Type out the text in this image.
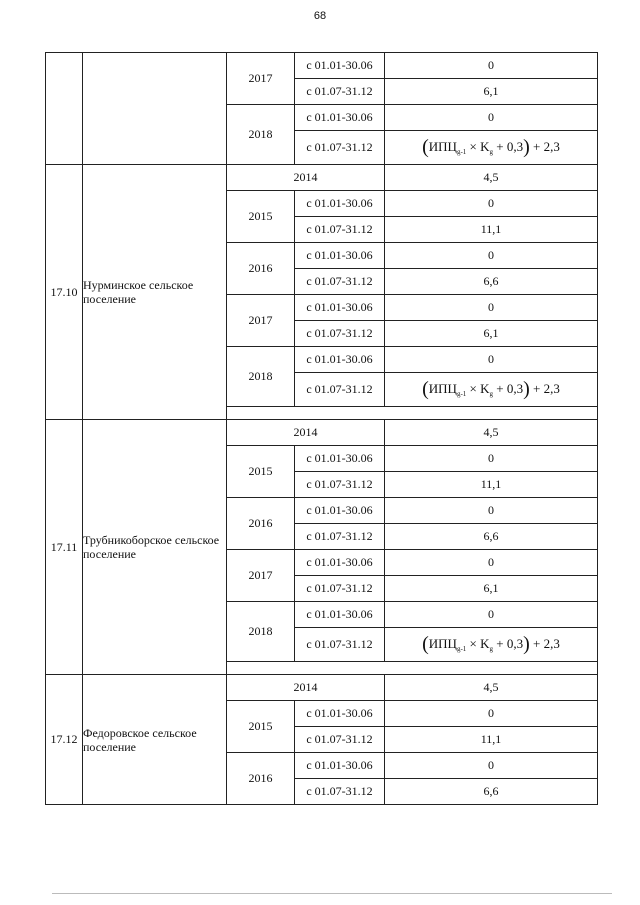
68
		2017	с 01.01-30.06	0
			с 01.07-31.12	6,1
		2018	с 01.01-30.06	0
			с 01.07-31.12	$(ИПЦ_{g-1} \times K_g + 0,3) + 2,3$
17.10	Нурминское сельское поселение	2014		4,5
		2015	с 01.01-30.06	0
			с 01.07-31.12	11,1
		2016	с 01.01-30.06	0
			с 01.07-31.12	6,6
		2017	с 01.01-30.06	0
			с 01.07-31.12	6,1
		2018	с 01.01-30.06	0
			с 01.07-31.12	$(ИПЦ_{g-1} \times K_g + 0,3) + 2,3$

17.11	Трубникоборское сельское поселение	2014		4,5
		2015	с 01.01-30.06	0
			с 01.07-31.12	11,1
		2016	с 01.01-30.06	0
			с 01.07-31.12	6,6
		2017	с 01.01-30.06	0
			с 01.07-31.12	6,1
		2018	с 01.01-30.06	0
			с 01.07-31.12	$(ИПЦ_{g-1} \times K_g + 0,3) + 2,3$

17.12	Федоровское сельское поселение	2014		4,5
		2015	с 01.01-30.06	0
			с 01.07-31.12	11,1
		2016	с 01.01-30.06	0
			с 01.07-31.12	6,6
